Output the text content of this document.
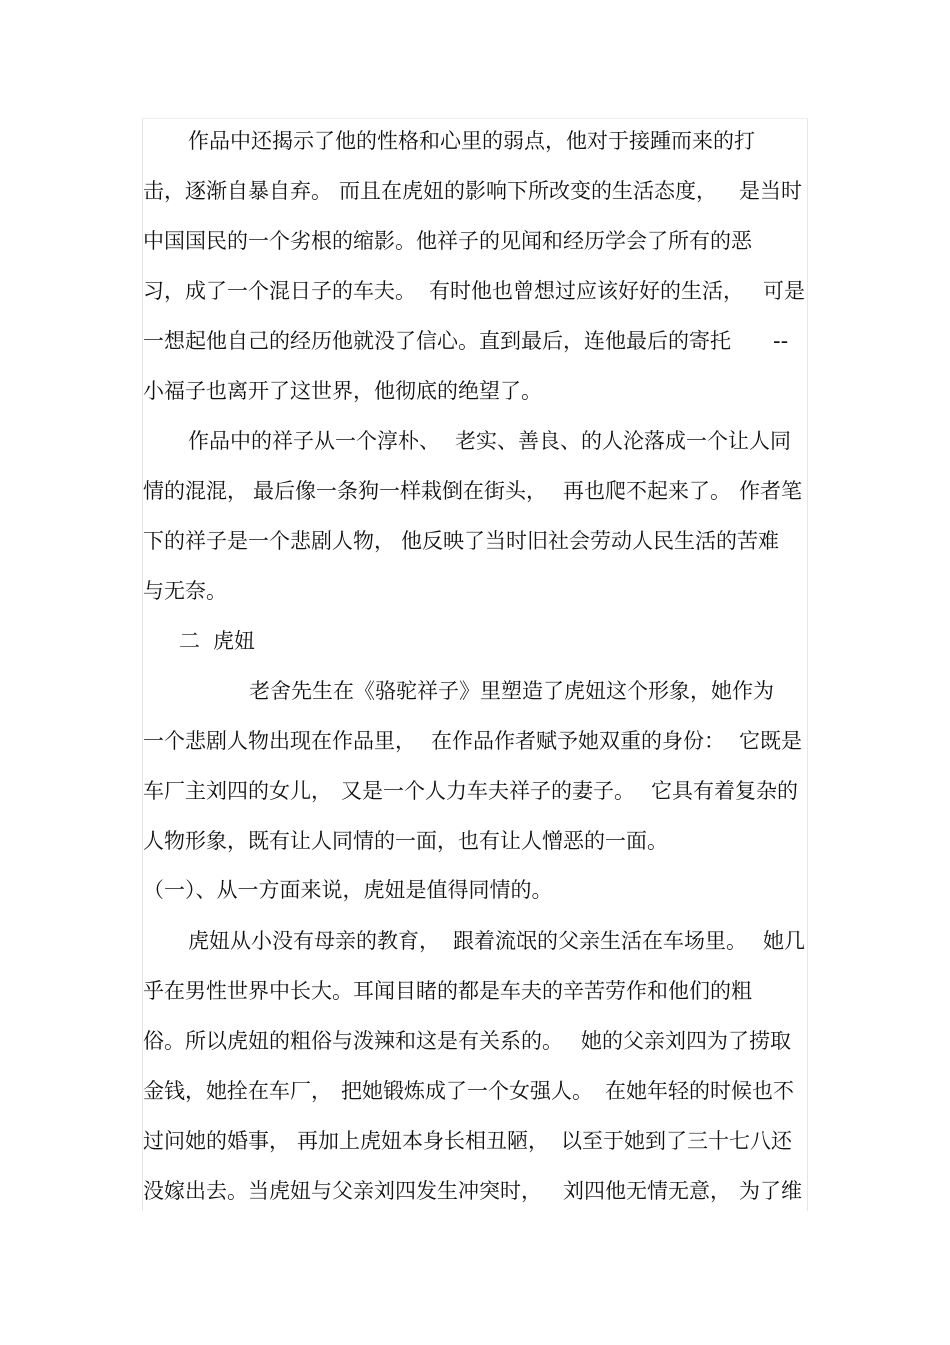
作品中还揭示了他的性格和心里的弱点，他对于接踵而来的打
击，逐渐自暴自弃。 而且在虎妞的影响下所改变的生活态度， 是当时
中国国民的一个劣根的缩影。他祥子的见闻和经历学会了所有的恶
习，成了一个混日子的车夫。 有时他也曾想过应该好好的生活， 可是
一想起他自己的经历他就没了信心。直到最后，连他最后的寄托 --
小福子也离开了这世界，他彻底的绝望了。
作品中的祥子从一个淳朴、 老实、善良、的人沦落成一个让人同
情的混混， 最后像一条狗一样栽倒在街头， 再也爬不起来了。 作者笔
下的祥子是一个悲剧人物， 他反映了当时旧社会劳动人民生活的苦难
与无奈。
二 虎妞
老舍先生在《骆驼祥子》里塑造了虎妞这个形象，她作为
一个悲剧人物出现在作品里， 在作品作者赋予她双重的身份： 它既是
车厂主刘四的女儿， 又是一个人力车夫祥子的妻子。 它具有着复杂的
人物形象，既有让人同情的一面，也有让人憎恶的一面。
（一）、从一方面来说，虎妞是值得同情的。
虎妞从小没有母亲的教育， 跟着流氓的父亲生活在车场里。 她几
乎在男性世界中长大。耳闻目睹的都是车夫的辛苦劳作和他们的粗
俗。所以虎妞的粗俗与泼辣和这是有关系的。 她的父亲刘四为了捞取
金钱，她拴在车厂， 把她锻炼成了一个女强人。 在她年轻的时候也不
过问她的婚事， 再加上虎妞本身长相丑陋， 以至于她到了三十七八还
没嫁出去。当虎妞与父亲刘四发生冲突时， 刘四他无情无意， 为了维
